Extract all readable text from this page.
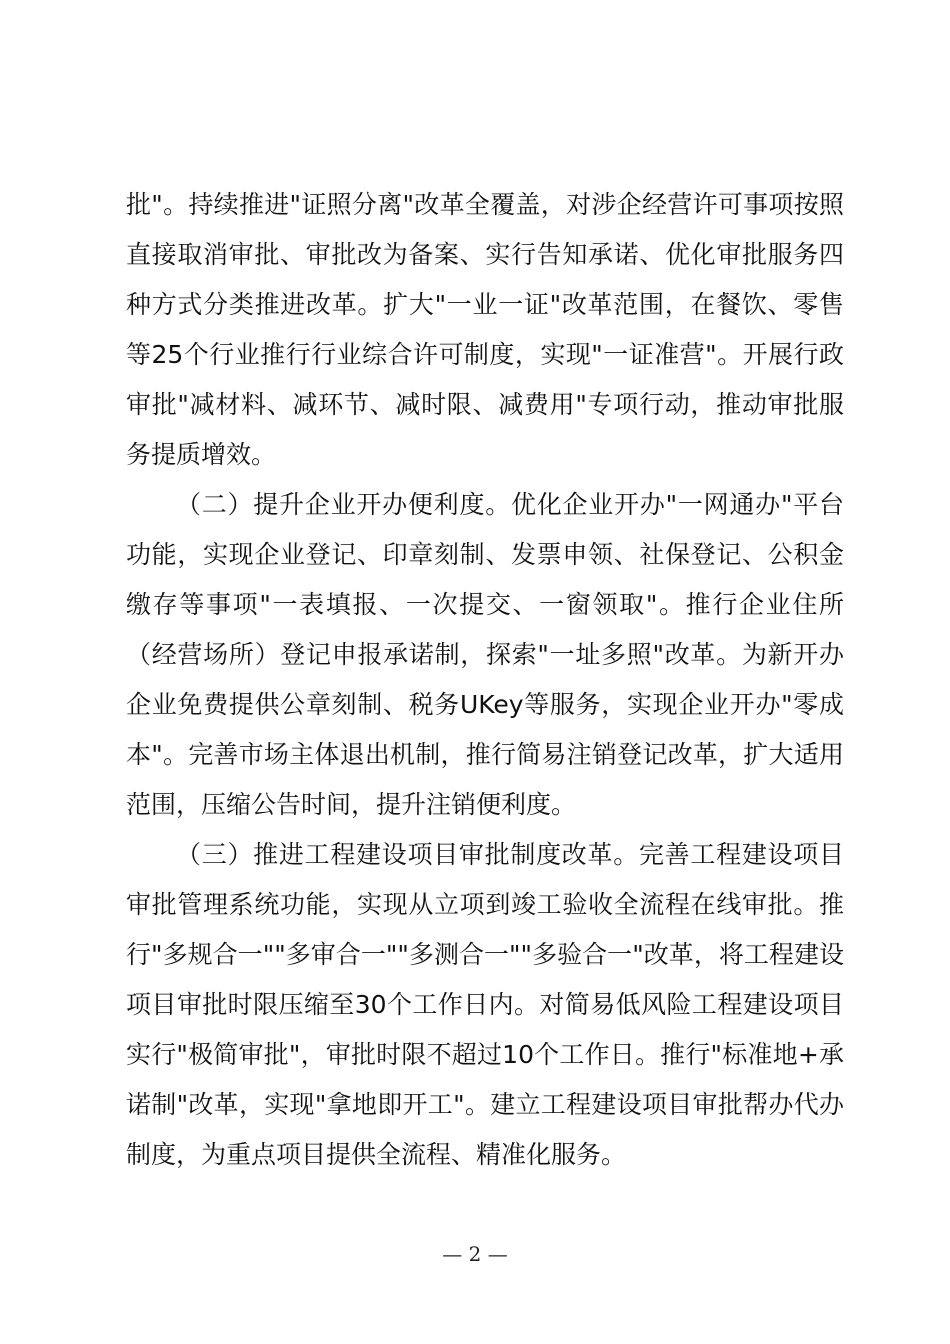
批"。持续推进"证照分离"改革全覆盖，对涉企经营许可事项按照直接取消审批、审批改为备案、实行告知承诺、优化审批服务四种方式分类推进改革。扩大"一业一证"改革范围，在餐饮、零售等25个行业推行行业综合许可制度，实现"一证准营"。开展行政审批"减材料、减环节、减时限、减费用"专项行动，推动审批服务提质增效。

（二）提升企业开办便利度。优化企业开办"一网通办"平台功能，实现企业登记、印章刻制、发票申领、社保登记、公积金缴存等事项"一表填报、一次提交、一窗领取"。推行企业住所（经营场所）登记申报承诺制，探索"一址多照"改革。为新开办企业免费提供公章刻制、税务UKey等服务，实现企业开办"零成本"。完善市场主体退出机制，推行简易注销登记改革，扩大适用范围，压缩公告时间，提升注销便利度。

（三）推进工程建设项目审批制度改革。完善工程建设项目审批管理系统功能，实现从立项到竣工验收全流程在线审批。推行"多规合一""多审合一""多测合一""多验合一"改革，将工程建设项目审批时限压缩至30个工作日内。对简易低风险工程建设项目实行"极简审批"，审批时限不超过10个工作日。推行"标准地+承诺制"改革，实现"拿地即开工"。建立工程建设项目审批帮办代办制度，为重点项目提供全流程、精准化服务。

— 2 —
